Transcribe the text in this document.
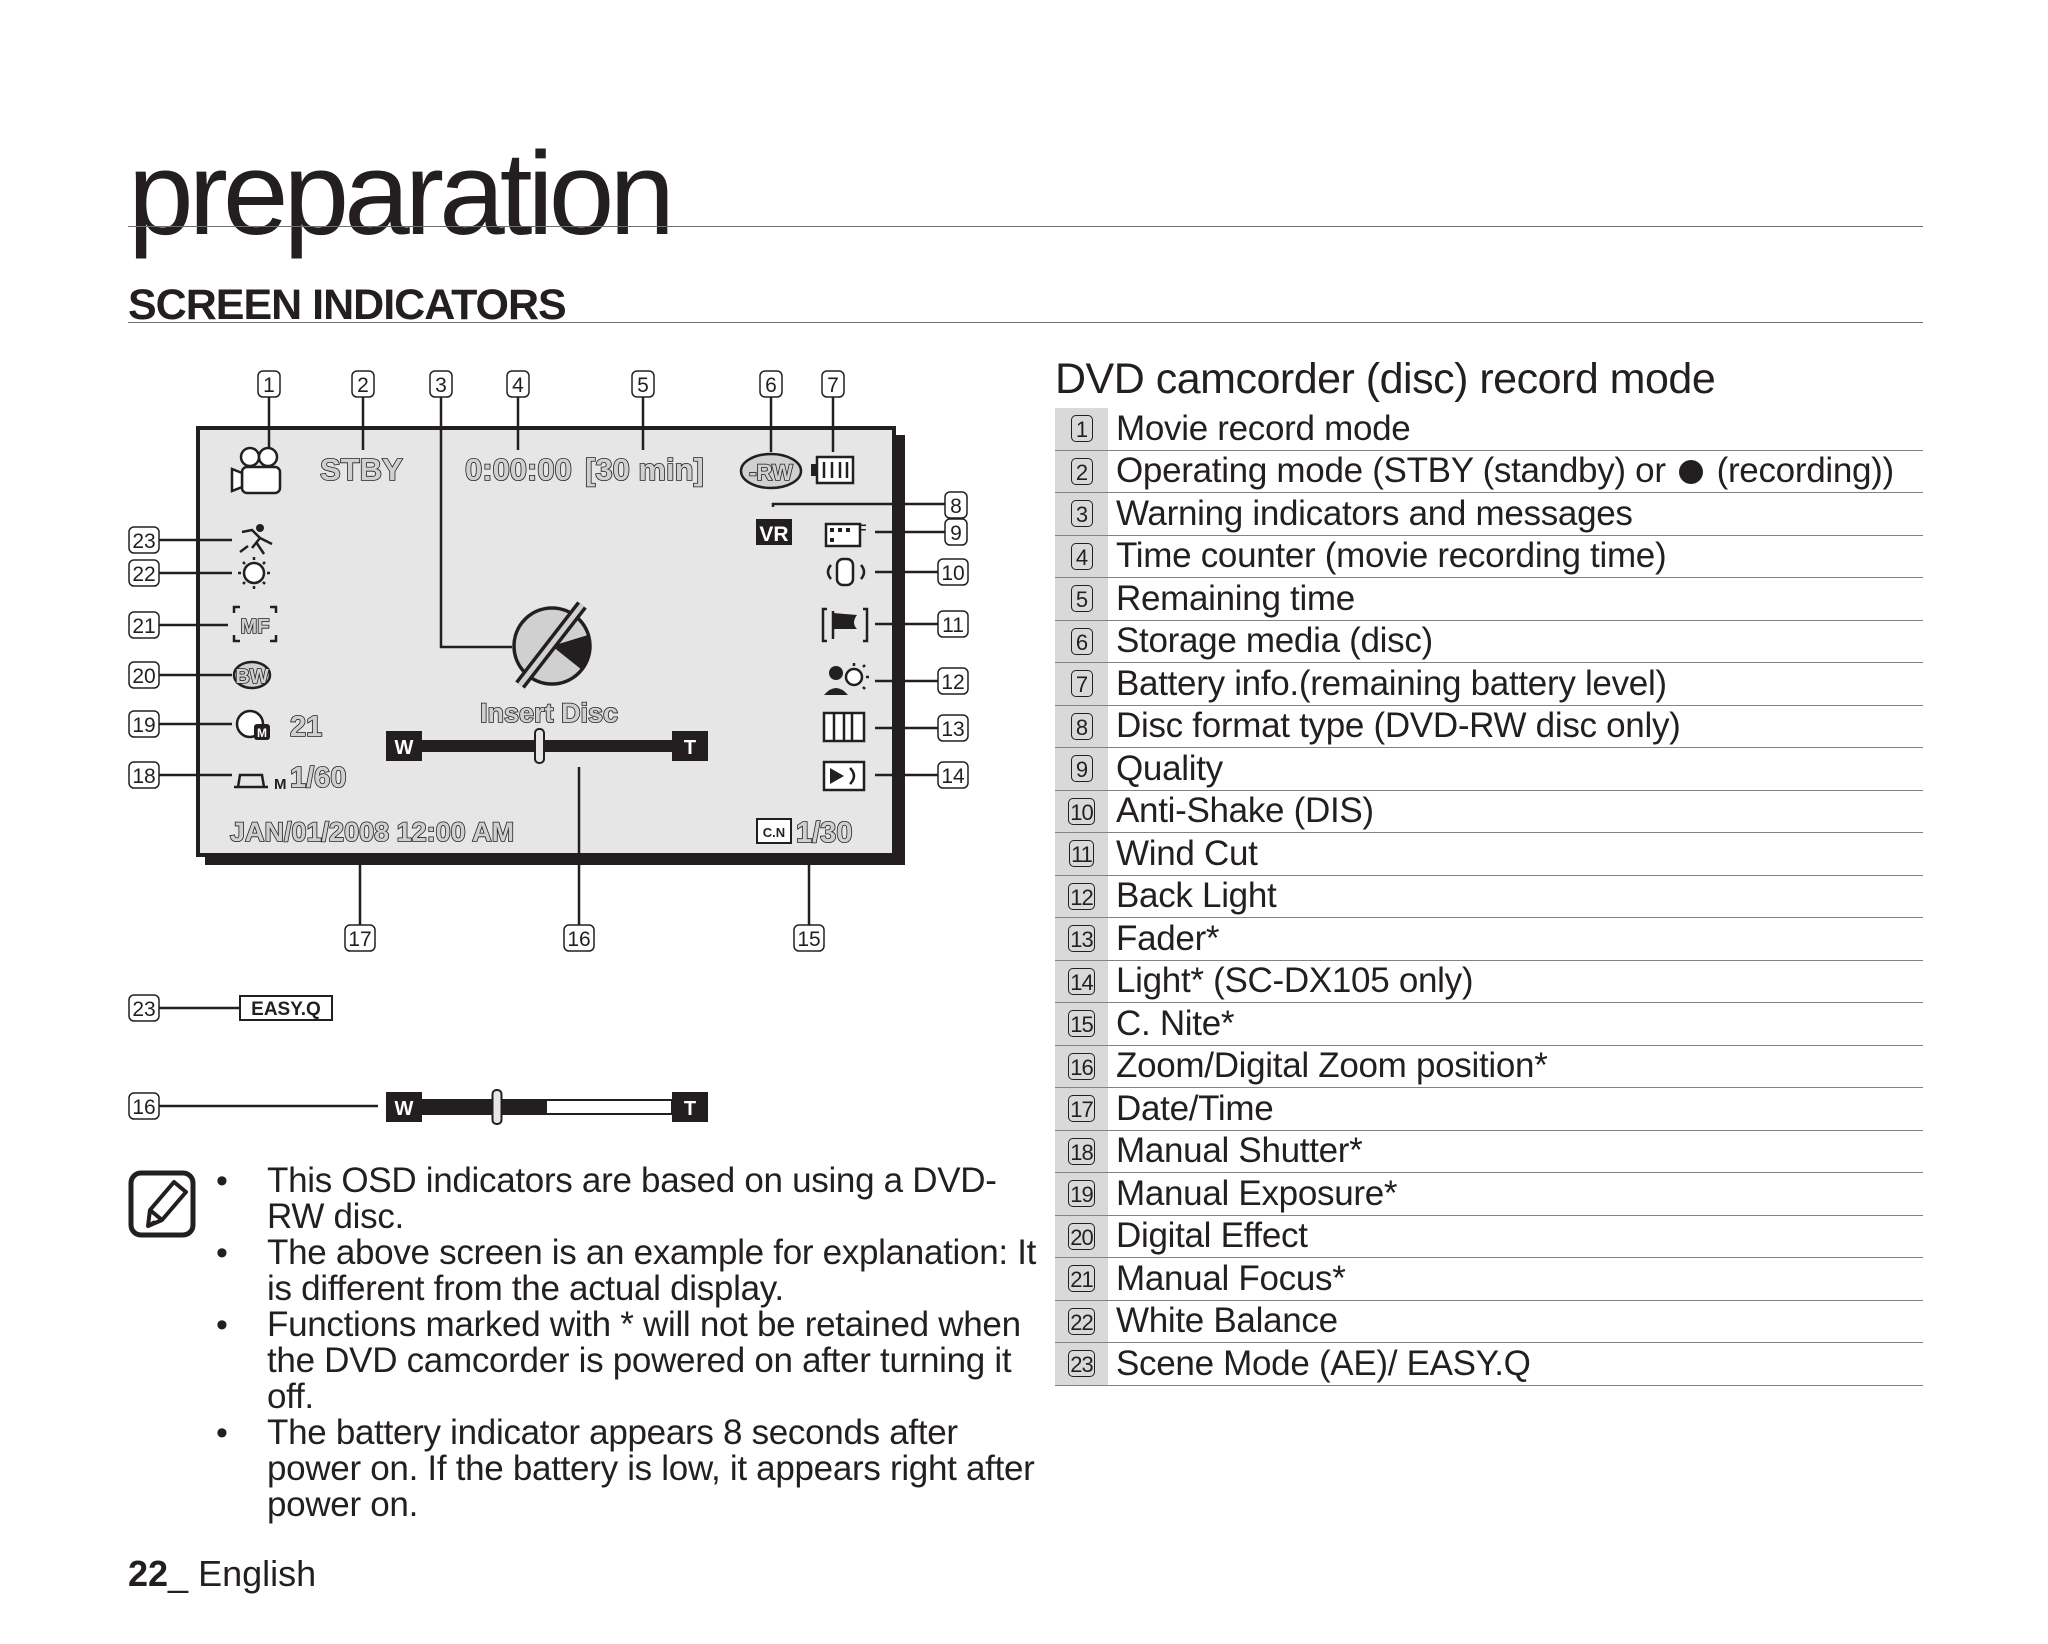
preparation
SCREEN INDICATORS
1	2	3	4	5	6 7
8
9
10
11
12
13
14
23
22
21
20
19
18
17	16	15
STBY 0:00:00 [30 min] -RW
VR	F
MF
BW
M 21
M 1/60
Insert Disc
W	T
JAN/01/2008 12:00 AM	C.N 1/30
23	EASY.Q
16	W	T
DVD camcorder (disc) record mode
1 Movie record mode
2 Operating mode (STBY (standby) or (recording))
3 Warning indicators and messages
4 Time counter (movie recording time)
5 Remaining time
6 Storage media (disc)
7 Battery info.(remaining battery level)
8 Disc format type (DVD-RW disc only)
9 Quality
10 Anti-Shake (DIS)
11 Wind Cut
12 Back Light
13 Fader*
14 Light* (SC-DX105 only)
15 C. Nite*
16 Zoom/Digital Zoom position*
17 Date/Time
18 Manual Shutter*
19 Manual Exposure*
20 Digital Effect
21 Manual Focus*
22 White Balance
23 Scene Mode (AE)/ EASY.Q
• This OSD indicators are based on using a DVD-RW disc.
• The above screen is an example for explanation: It is different from the actual display.
• Functions marked with * will not be retained when the DVD camcorder is powered on after turning it off.
• The battery indicator appears 8 seconds after power on. If the battery is low, it appears right after power on.
22_ English
